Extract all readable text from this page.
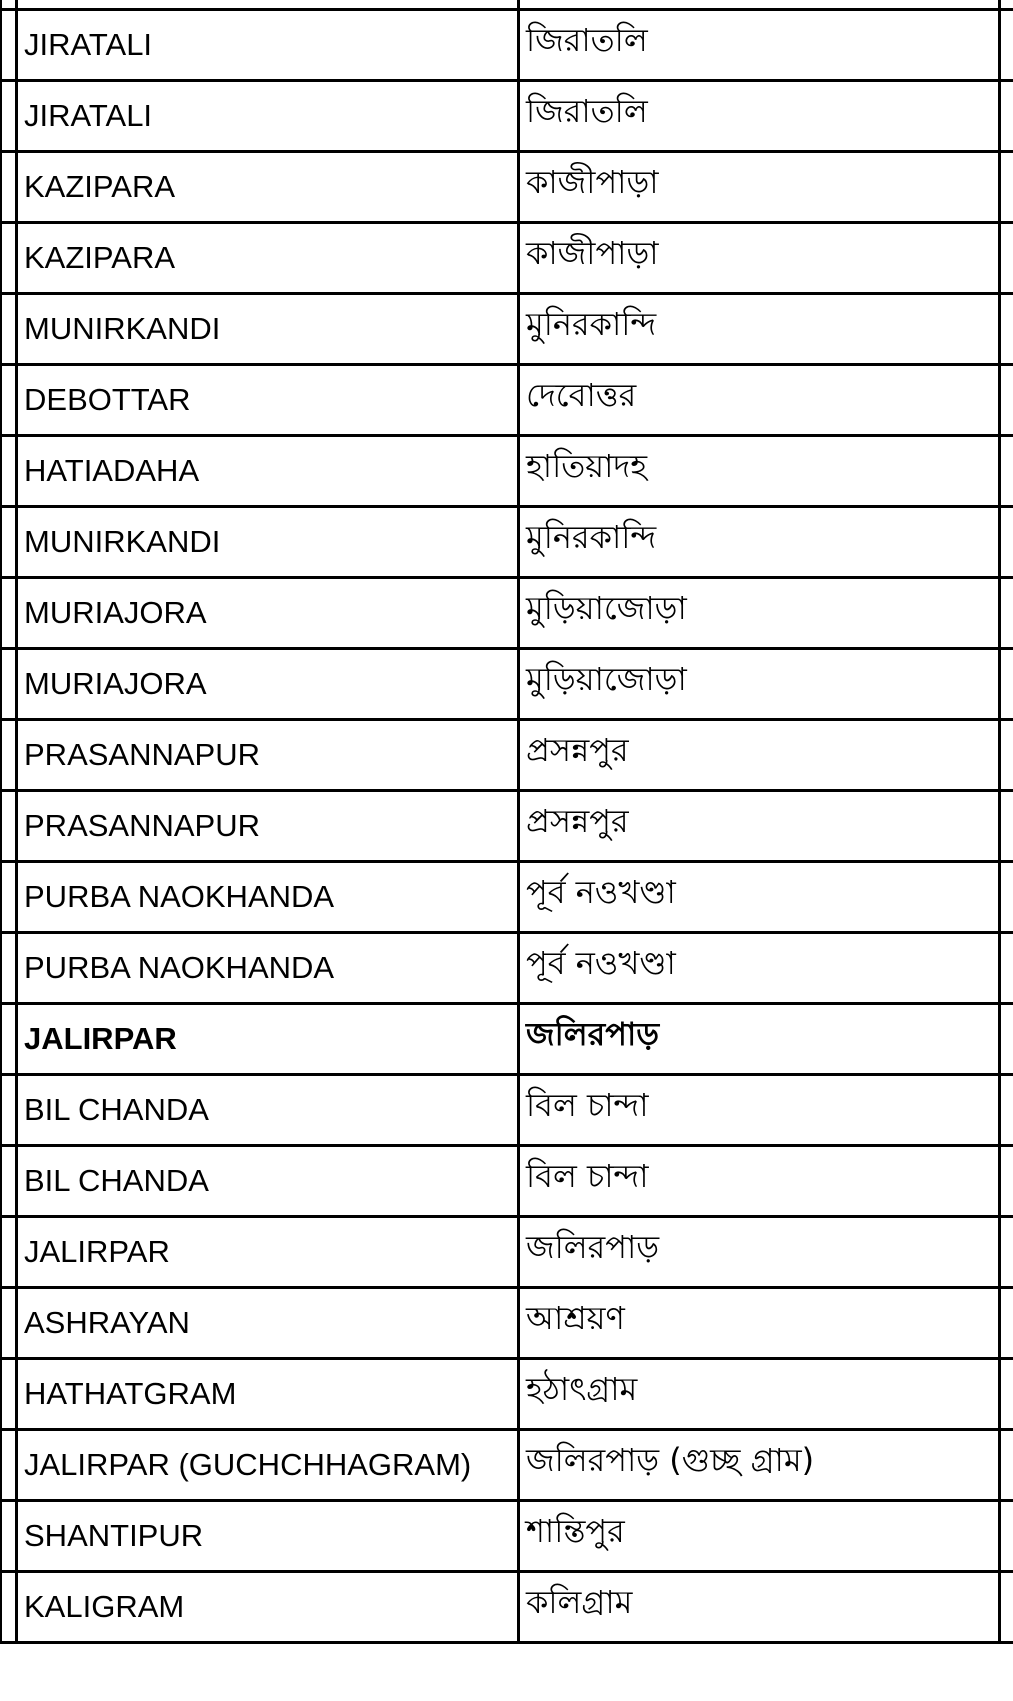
	JIRATALI	জিরাতলি	
	JIRATALI	জিরাতলি	
	KAZIPARA	কাজীপাড়া	
	KAZIPARA	কাজীপাড়া	
	MUNIRKANDI	মুনিরকান্দি	
	DEBOTTAR	দেবোত্তর	
	HATIADAHA	হাতিয়াদহ	
	MUNIRKANDI	মুনিরকান্দি	
	MURIAJORA	মুড়িয়াজোড়া	
	MURIAJORA	মুড়িয়াজোড়া	
	PRASANNAPUR	প্রসন্নপুর	
	PRASANNAPUR	প্রসন্নপুর	
	PURBA NAOKHANDA	পূর্ব নওখণ্ডা	
	PURBA NAOKHANDA	পূর্ব নওখণ্ডা	
	JALIRPAR	জলিরপাড়	
	BIL CHANDA	বিল চান্দা	
	BIL CHANDA	বিল চান্দা	
	JALIRPAR	জলিরপাড়	
	ASHRAYAN	আশ্রয়ণ	
	HATHATGRAM	হঠাৎগ্রাম	
	JALIRPAR (GUCHCHHAGRAM)	জলিরপাড় (গুচ্ছ গ্রাম)	
	SHANTIPUR	শান্তিপুর	
	KALIGRAM	কলিগ্রাম	
